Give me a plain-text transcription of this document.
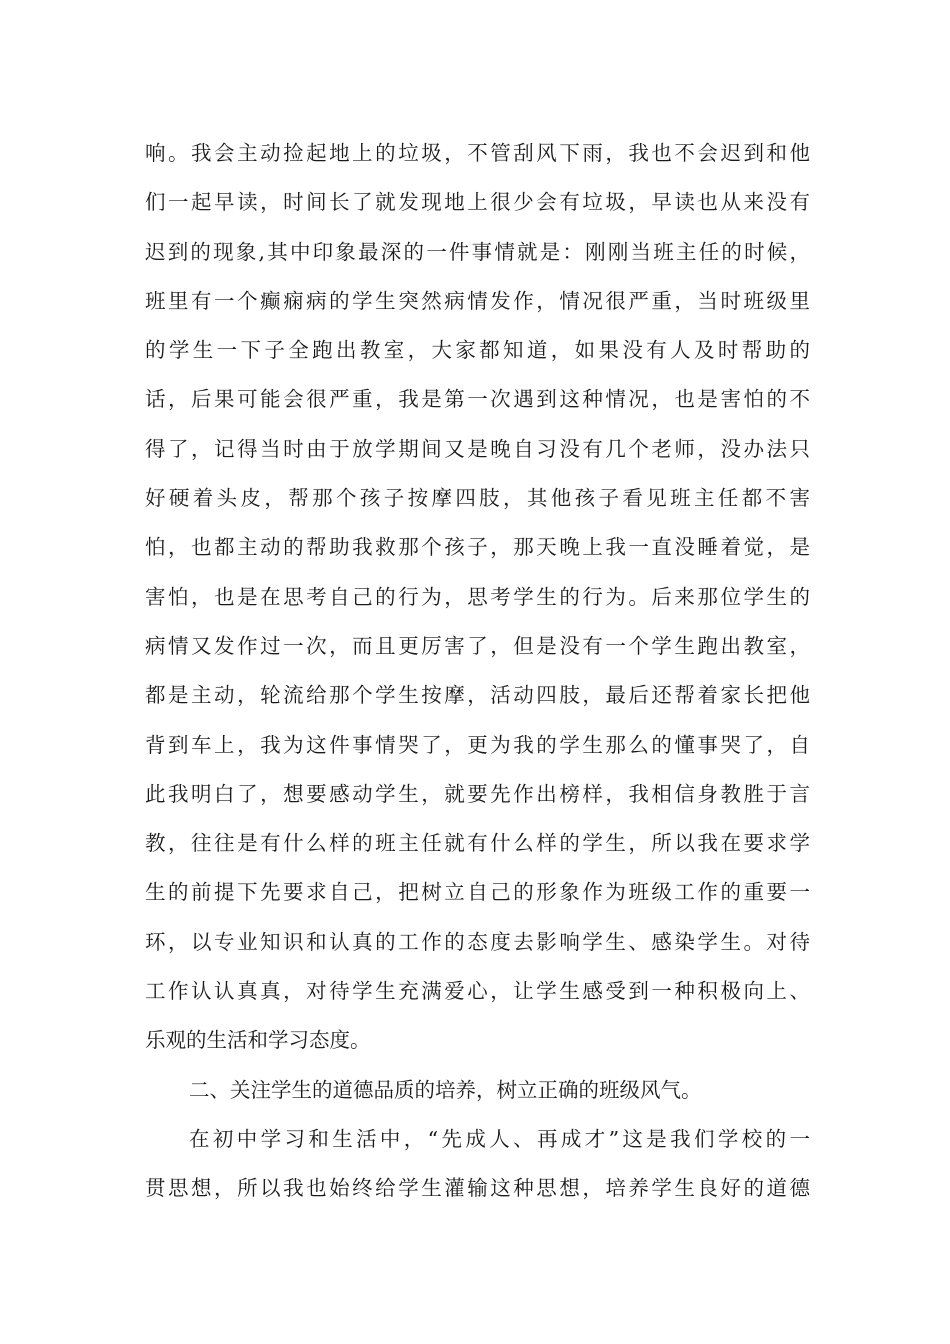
响。我会主动捡起地上的垃圾，不管刮风下雨，我也不会迟到和他
们一起早读，时间长了就发现地上很少会有垃圾，早读也从来没有
迟到的现象,其中印象最深的一件事情就是：刚刚当班主任的时候，
班里有一个癫痫病的学生突然病情发作，情况很严重，当时班级里
的学生一下子全跑出教室，大家都知道，如果没有人及时帮助的
话，后果可能会很严重，我是第一次遇到这种情况，也是害怕的不
得了，记得当时由于放学期间又是晚自习没有几个老师，没办法只
好硬着头皮，帮那个孩子按摩四肢，其他孩子看见班主任都不害
怕，也都主动的帮助我救那个孩子，那天晚上我一直没睡着觉，是
害怕，也是在思考自己的行为，思考学生的行为。后来那位学生的
病情又发作过一次，而且更厉害了，但是没有一个学生跑出教室，
都是主动，轮流给那个学生按摩，活动四肢，最后还帮着家长把他
背到车上，我为这件事情哭了，更为我的学生那么的懂事哭了，自
此我明白了，想要感动学生，就要先作出榜样，我相信身教胜于言
教，往往是有什么样的班主任就有什么样的学生，所以我在要求学
生的前提下先要求自己，把树立自己的形象作为班级工作的重要一
环，以专业知识和认真的工作的态度去影响学生、感染学生。对待
工作认认真真，对待学生充满爱心，让学生感受到一种积极向上、
乐观的生活和学习态度。
二、关注学生的道德品质的培养，树立正确的班级风气。
在初中学习和生活中，“先成人、再成才”这是我们学校的一
贯思想，所以我也始终给学生灌输这种思想，培养学生良好的道德
